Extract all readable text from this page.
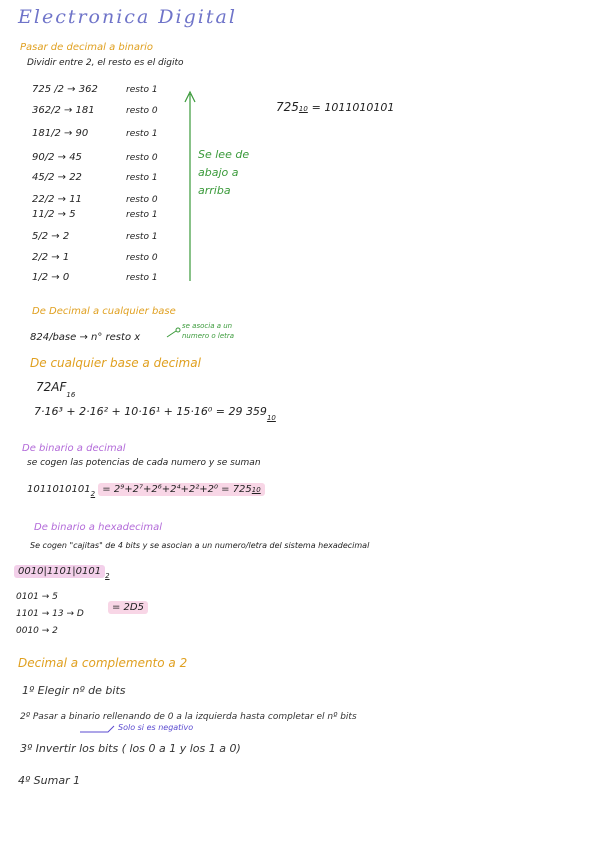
Electronica Digital
Pasar de decimal a binario
Dividir entre 2, el resto es el digito
725 /2 → 362	resto 1
362/2 → 181	resto 0
181/2 → 90	resto 1
90/2 → 45	resto 0
45/2 → 22	resto 1
22/2 → 11	resto 0
11/2 → 5	resto 1
5/2 → 2	resto 1
2/2 → 1	resto 0
1/2 → 0	resto 1
Se lee de
abajo a
arriba
72510 = 1011010101
De Decimal a cualquier base
824/base → n° resto x
se asocia a un
numero o letra
De cualquier base a decimal
$72AF_{16}$
7·16³ + 2·16² + 10·16¹ + 15·16⁰ = 29 $359_{10}$
De binario a decimal
se cogen las potencias de cada numero y se suman
$1011010101_2 = 2^9+2^7+2^6+2^4+2^2+2^0 = 72510$
De binario a hexadecimal
Se cogen "cajitas" de 4 bits y se asocian a un numero/letra del sistema hexadecimal
0010|1101|0101 $_2$
0101 → 5
1101 → 13 → D
0010 → 2
= 2D5
Decimal a complemento a 2
1º Elegir nº de bits
2º Pasar a binario rellenando de 0 a la izquierda hasta completar el nº bits
Solo si es negativo
3º Invertir los bits ( los 0 a 1 y los 1 a 0)
4º Sumar 1
